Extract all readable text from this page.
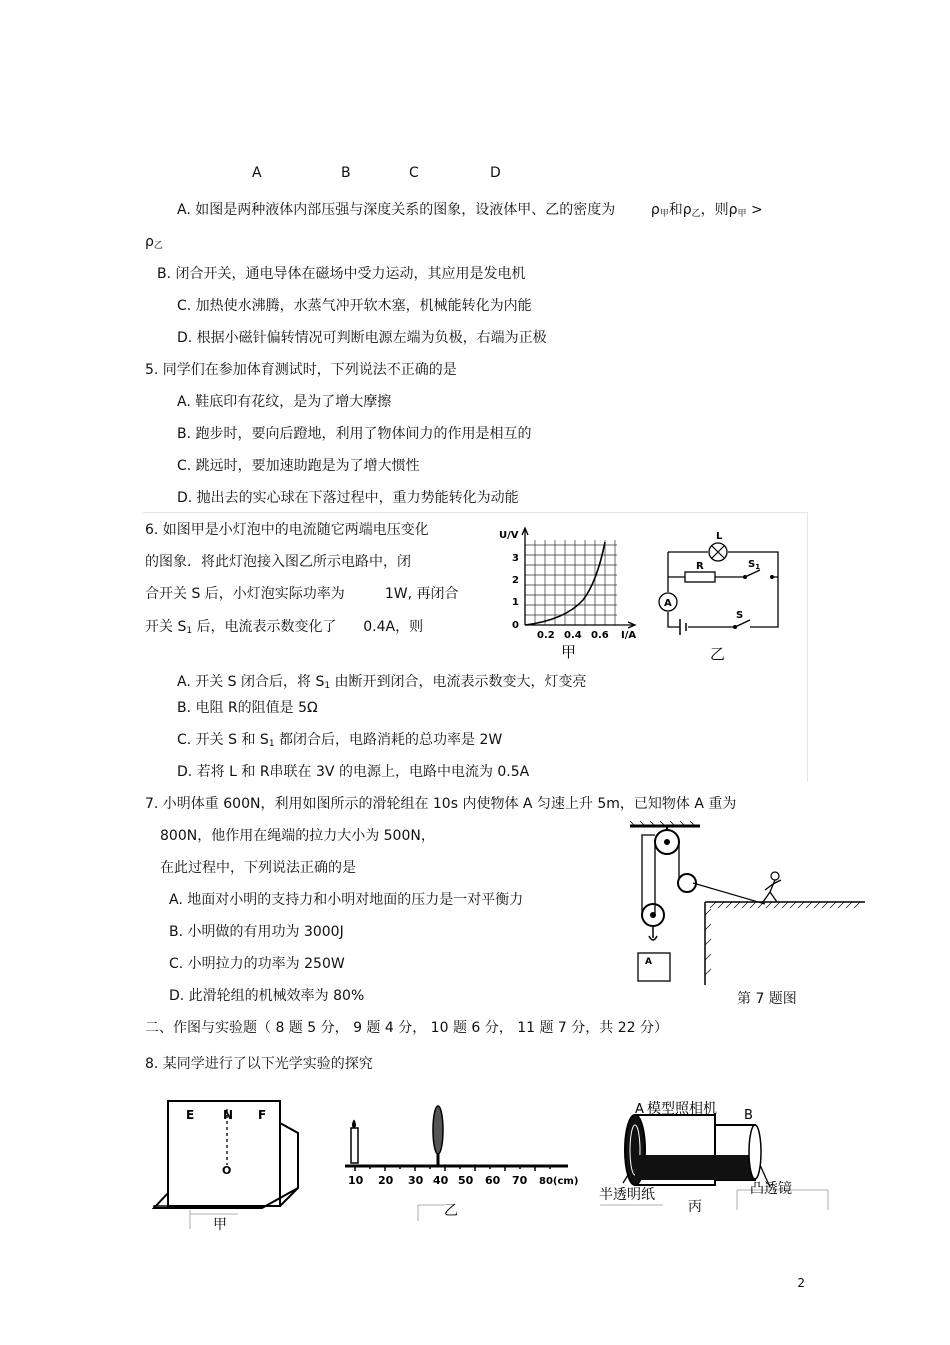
A	B	C	D
A. 如图是两种液体内部压强与深度关系的图象，设液体甲、乙的密度为	$\rho_甲$和$\rho_乙$，则$\rho_甲$ >
$\rho_乙$
B. 闭合开关，通电导体在磁场中受力运动，其应用是发电机
C. 加热使水沸腾，水蒸气冲开软木塞，机械能转化为内能
D. 根据小磁针偏转情况可判断电源左端为负极，右端为正极
5. 同学们在参加体育测试时，下列说法不正确的是
A. 鞋底印有花纹，是为了增大摩擦
B. 跑步时，要向后蹬地，利用了物体间力的作用是相互的
C. 跳远时，要加速助跑是为了增大惯性
D. 抛出去的实心球在下落过程中，重力势能转化为动能
6. 如图甲是小灯泡中的电流随它两端电压变化
的图象．将此灯泡接入图乙所示电路中，闭
合开关 S 后，小灯泡实际功率为	1W, 再闭合
开关 $S_1$ 后，电流表示数变化了 0.4A，则
U/V
3
2
1
0
0.2 0.4 0.6 I/A
甲
L
R
A
$S_1$
S
乙
A. 开关 S 闭合后，将 $S_1$ 由断开到闭合，电流表示数变大，灯变亮
B. 电阻 R的阻值是 5Ω
C. 开关 S 和 $S_1$ 都闭合后，电路消耗的总功率是 2W
D. 若将 L 和 R串联在 3V 的电源上，电路中电流为 0.5A
7. 小明体重 600N，利用如图所示的滑轮组在 10s 内使物体 A 匀速上升 5m，已知物体 A 重为
800N，他作用在绳端的拉力大小为 500N，
在此过程中，下列说法正确的是
A. 地面对小明的支持力和小明对地面的压力是一对平衡力
B. 小明做的有用功为 3000J
C. 小明拉力的功率为 250W
D. 此滑轮组的机械效率为 80%
A
第 7 题图
二、作图与实验题（ 8 题 5 分， 9 题 4 分， 10 题 6 分， 11 题 7 分，共 22 分）
8. 某同学进行了以下光学实验的探究
E N F
O
甲
10 20 30 40 50 60 70 80(cm)
乙
A 模型照相机 B
半透明纸	凸透镜
丙
2
